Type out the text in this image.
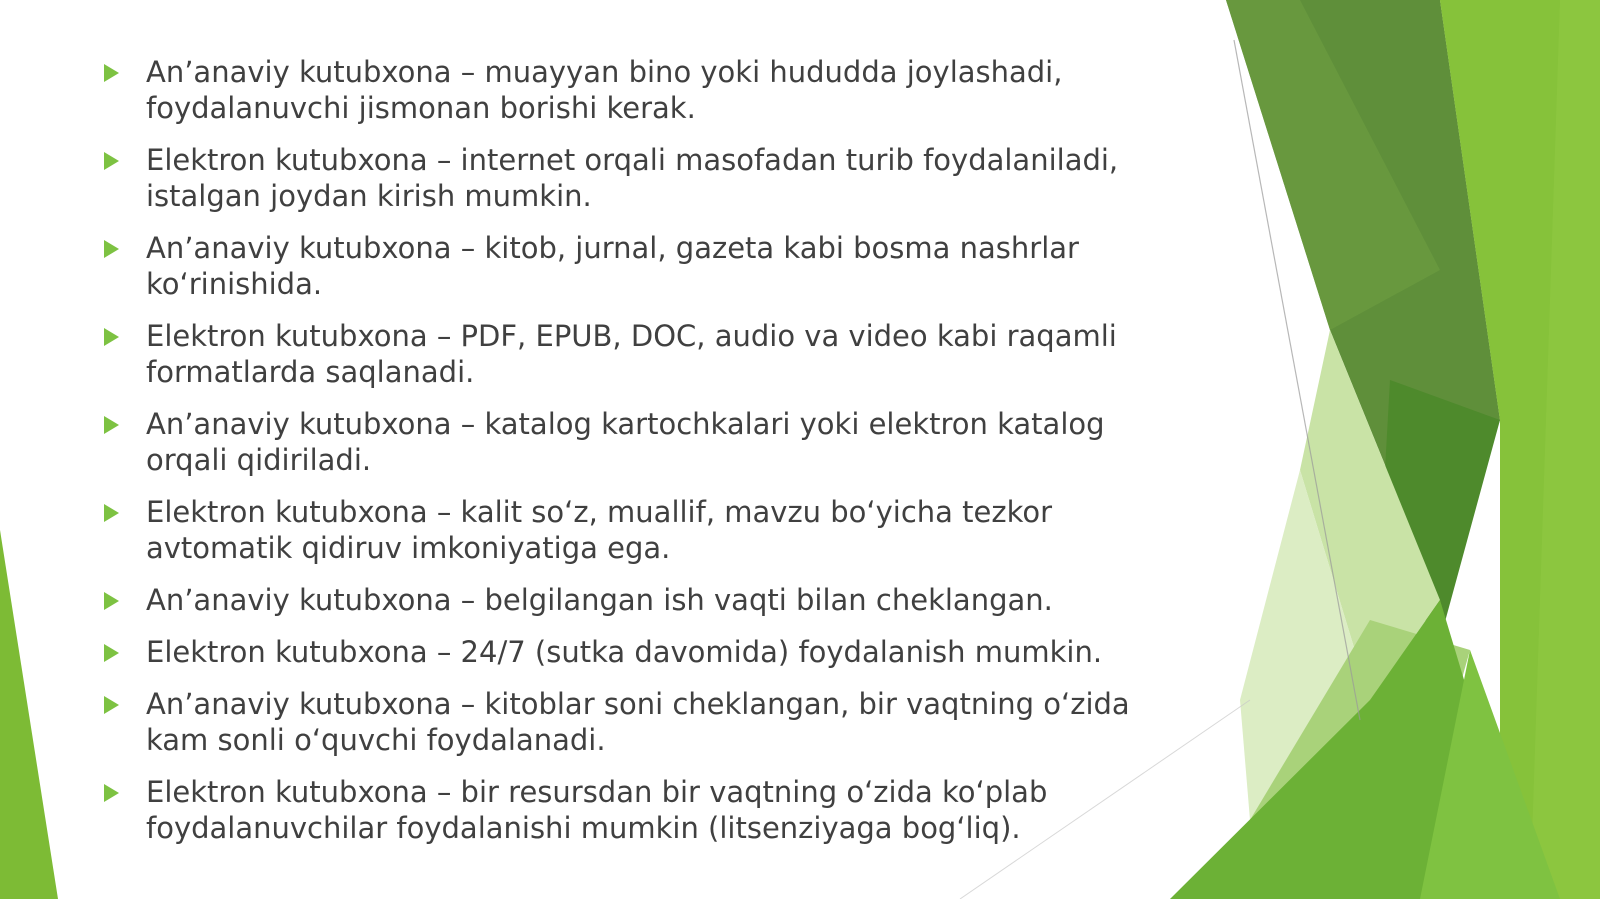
An’anaviy kutubxona – muayyan bino yoki hududda joylashadi, foydalanuvchi jismonan borishi kerak.
Elektron kutubxona – internet orqali masofadan turib foydalaniladi, istalgan joydan kirish mumkin.
An’anaviy kutubxona – kitob, jurnal, gazeta kabi bosma nashrlar ko‘rinishida.
Elektron kutubxona – PDF, EPUB, DOC, audio va video kabi raqamli formatlarda saqlanadi.
An’anaviy kutubxona – katalog kartochkalari yoki elektron katalog orqali qidiriladi.
Elektron kutubxona – kalit so‘z, muallif, mavzu bo‘yicha tezkor avtomatik qidiruv imkoniyatiga ega.
An’anaviy kutubxona – belgilangan ish vaqti bilan cheklangan.
Elektron kutubxona – 24/7 (sutka davomida) foydalanish mumkin.
An’anaviy kutubxona – kitoblar soni cheklangan, bir vaqtning o‘zida kam sonli o‘quvchi foydalanadi.
Elektron kutubxona – bir resursdan bir vaqtning o‘zida ko‘plab foydalanuvchilar foydalanishi mumkin (litsenziyaga bog‘liq).
